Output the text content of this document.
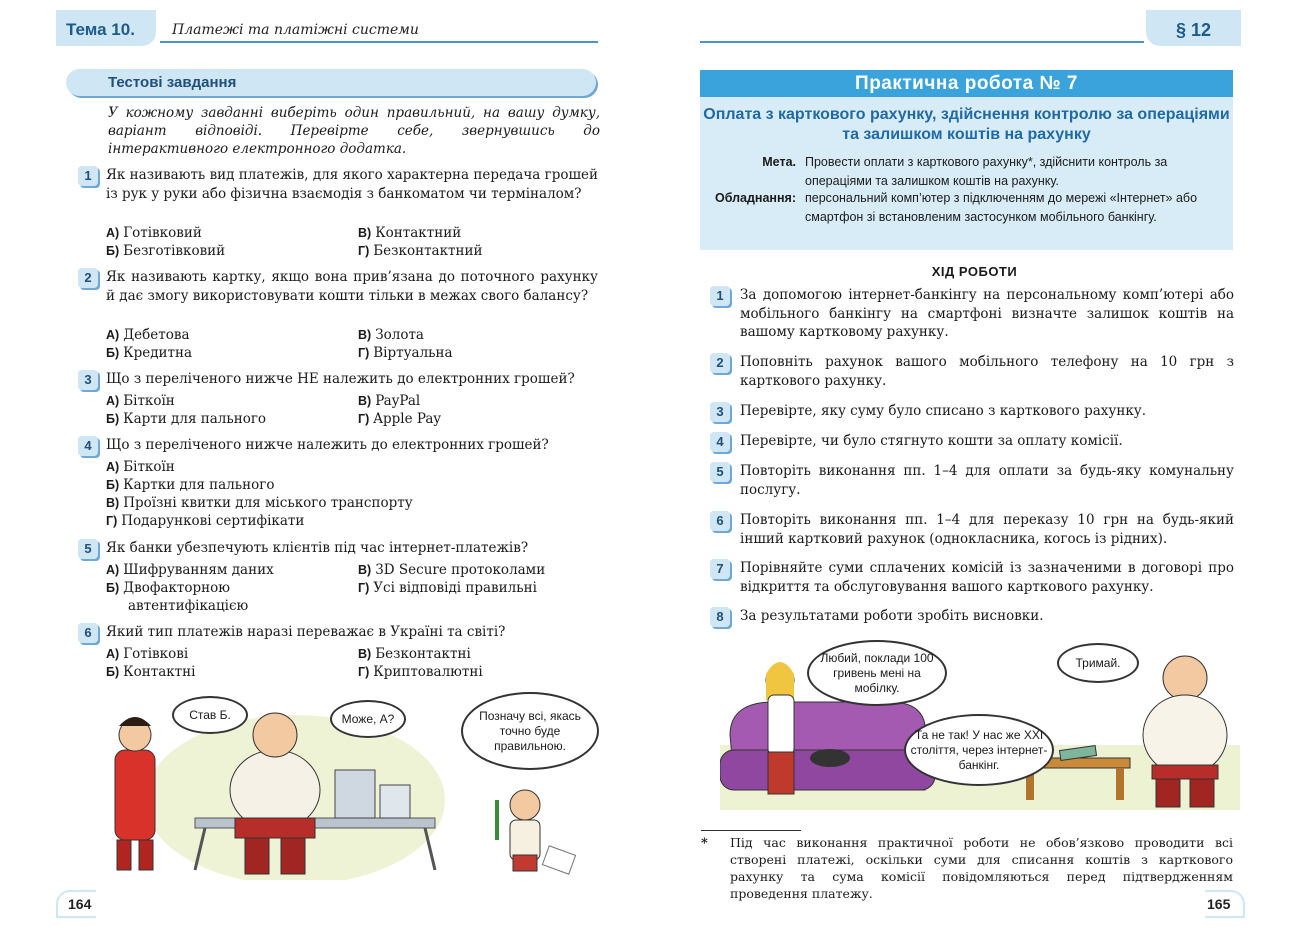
Тема 10.	Платежі та платіжні системи
Тестові завдання
У кожному завданні виберіть один правильний, на вашу думку, варіант відповіді. Перевірте себе, звернувшись до інтерактивного електронного додатка.
1	Як називають вид платежів, для якого характерна передача грошей із рук у руки або фізична взаємодія з банкоматом чи терміналом?
А) Готівковий	В) Контактний
Б) Безготівковий	Г) Безконтактний
2	Як називають картку, якщо вона прив’язана до поточного рахунку й дає змогу використовувати кошти тільки в межах свого балансу?
А) Дебетова	В) Золота
Б) Кредитна	Г) Віртуальна
3	Що з переліченого нижче НЕ належить до електронних грошей?
А) Біткоїн	В) PayPal
Б) Карти для пального	Г) Apple Pay
4	Що з переліченого нижче належить до електронних грошей?
А) Біткоїн
Б) Картки для пального
В) Проїзні квитки для міського транспорту
Г) Подарункові сертифікати
5	Як банки убезпечують клієнтів під час інтернет-платежів?
А) Шифруванням даних	В) 3D Secure протоколами
Б) Двофакторною	Г) Усі відповіді правильні
автентифікацією
6	Який тип платежів наразі переважає в Україні та світі?
А) Готівкові	В) Безконтактні
Б) Контактні	Г) Криптовалютні
Став Б.	Може, А?	Позначу всі, якась точно буде правильною.
164
§ 12
Практична робота № 7
Оплата з карткового рахунку, здійснення контролю за операціями та залишком коштів на рахунку
Мета. Провести оплати з карткового рахунку*, здійснити контроль за операціями та залишком коштів на рахунку.
Обладнання: персональний комп’ютер з підключенням до мережі «Інтернет» або смартфон зі встановленим застосунком мобільного банкінгу.
ХІД РОБОТИ
1	За допомогою інтернет-банкінгу на персональному комп’ютері або мобільного банкінгу на смартфоні визначте залишок коштів на вашому картковому рахунку.
2	Поповніть рахунок вашого мобільного телефону на 10 грн з карткового рахунку.
3	Перевірте, яку суму було списано з карткового рахунку.
4	Перевірте, чи було стягнуто кошти за оплату комісії.
5	Повторіть виконання пп. 1–4 для оплати за будь-яку комунальну послугу.
6	Повторіть виконання пп. 1–4 для переказу 10 грн на будь-який інший картковий рахунок (однокласника, когось із рідних).
7	Порівняйте суми сплачених комісій із зазначеними в договорі про відкриття та обслуговування вашого карткового рахунку.
8	За результатами роботи зробіть висновки.
Любий, поклади 100 гривень мені на мобілку.
Тримай.
Та не так! У нас же XXI століття, через інтернет-банкінг.
* Під час виконання практичної роботи не обов’язково проводити всі створені платежі, оскільки суми для списання коштів з карткового рахунку та сума комісії повідомляються перед підтвердженням проведення платежу.
165
